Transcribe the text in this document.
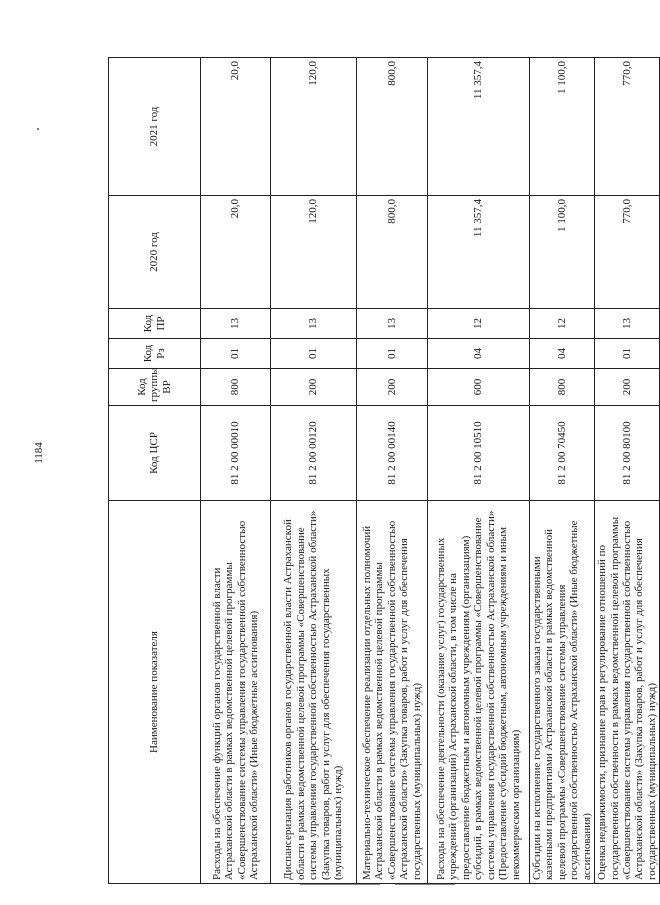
1184
Наименование показателя	Код ЦСР	Код группы ВР	Код Рз	Код ПР	2020 год	2021 год
Расходы на обеспечение функций органов государственной власти Астраханской области в рамках ведомственной целевой программы «Совершенствование системы управления государственной собственностью Астраханской области» (Иные бюджетные ассигнования)	81 2 00 00010	800	01	13	20,0	20,0
Диспансеризация работников органов государственной власти Астраханской области в рамках ведомственной целевой программы «Совершенствование системы управления государственной собственностью Астраханской области» (Закупка товаров, работ и услуг для обеспечения государственных (муниципальных) нужд)	81 2 00 00120	200	01	13	120,0	120,0
Материально-техническое обеспечение реализации отдельных полномочий Астраханской области в рамках ведомственной целевой программы «Совершенствование системы управления государственной собственностью Астраханской области» (Закупка товаров, работ и услуг для обеспечения государственных (муниципальных) нужд)	81 2 00 00140	200	01	13	800,0	800,0
Расходы на обеспечение деятельности (оказание услуг) государственных учреждений (организаций) Астраханской области, в том числе на предоставление бюджетным и автономным учреждениям (организациям) субсидий, в рамках ведомственной целевой программы «Совершенствование системы управления государственной собственностью Астраханской области» (Предоставление субсидий бюджетным, автономным учреждениям и иным некоммерческим организациям)	81 2 00 10510	600	04	12	11 357,4	11 357,4
Субсидии на исполнение государственного заказа государственными казенными предприятиями Астраханской области в рамках ведомственной целевой программы «Совершенствование системы управления государственной собственностью Астраханской области» (Иные бюджетные ассигнования)	81 2 00 70450	800	04	12	1 100,0	1 100,0
Оценка недвижимости, признание прав и регулирование отношений по государственной собственности в рамках ведомственной целевой программы «Совершенствование системы управления государственной собственностью Астраханской области» (Закупка товаров, работ и услуг для обеспечения государственных (муниципальных) нужд)	81 2 00 80100	200	01	13	770,0	770,0
